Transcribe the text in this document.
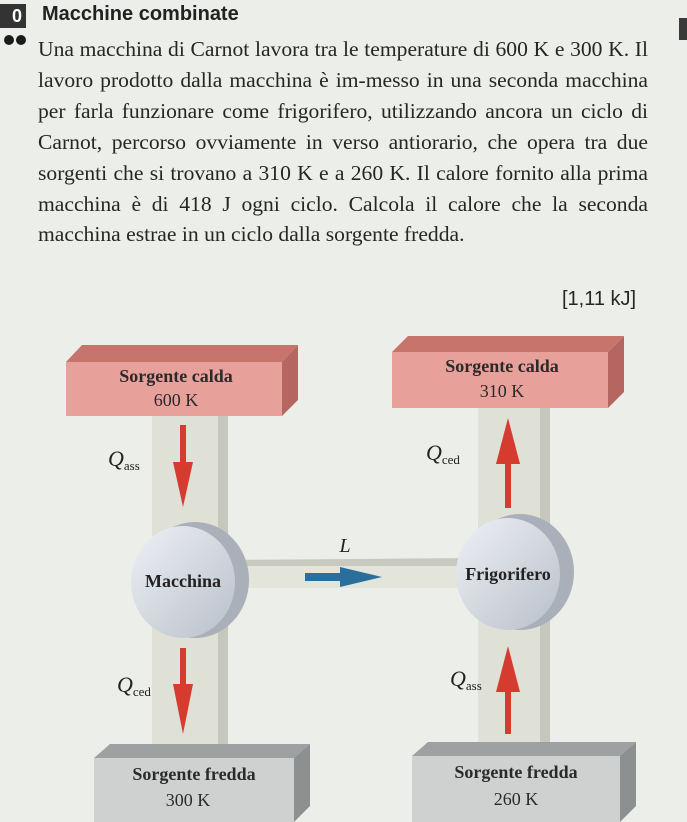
0 Macchine combinate
Una macchina di Carnot lavora tra le temperature di 600 K e 300 K. Il lavoro prodotto dalla macchina è im-messo in una seconda macchina per farla funzionare come frigorifero, utilizzando ancora un ciclo di Carnot, percorso ovviamente in verso antiorario, che opera tra due sorgenti che si trovano a 310 K e a 260 K. Il calore fornito alla prima macchina è di 418 J ogni ciclo. Calcola il calore che la seconda macchina estrae in un ciclo dalla sorgente fredda.
[1,11 kJ]
Sorgente calda
600 K
Sorgente calda
310 K
Sorgente fredda
300 K
Sorgente fredda
260 K
Macchina	Frigorifero
L
Qass
Qced
Qced
Qass
